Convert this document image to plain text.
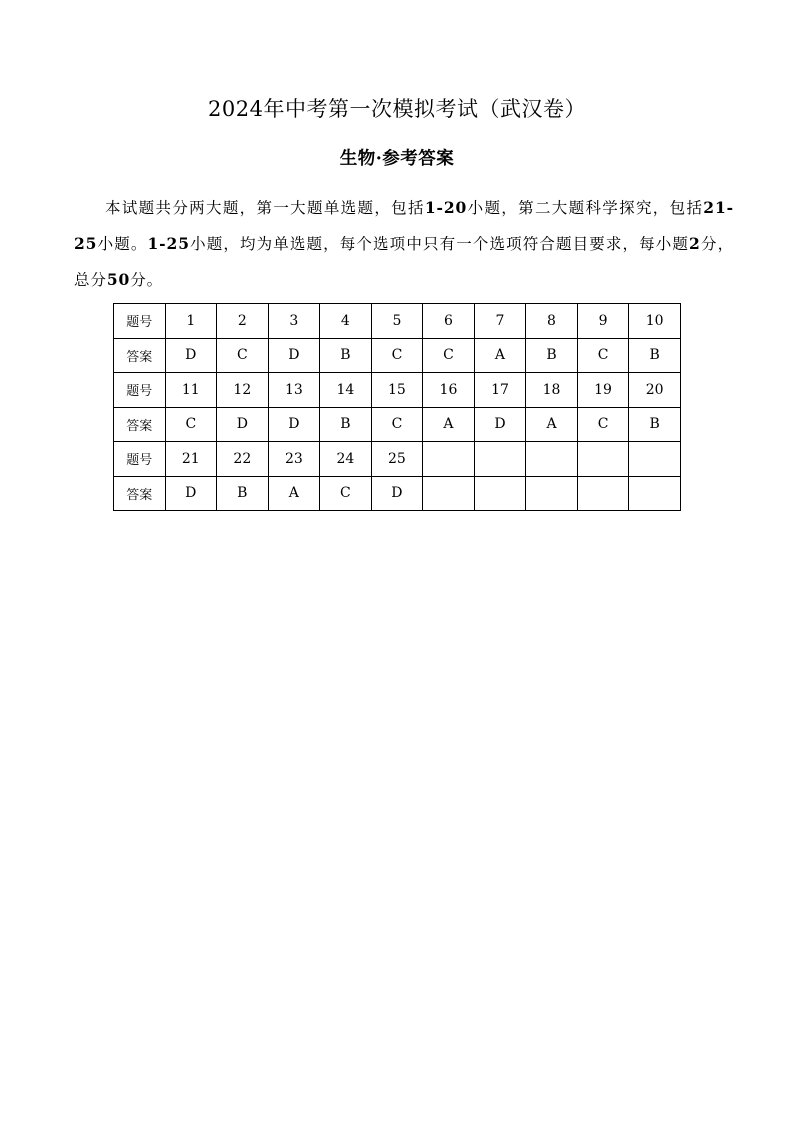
2024年中考第一次模拟考试（武汉卷）
生物·参考答案

本试题共分两大题，第一大题单选题，包括1-20小题，第二大题科学探究，包括21-25小题。1-25小题，均为单选题，每个选项中只有一个选项符合题目要求，每小题2分，总分50分。

题号	1	2	3	4	5	6	7	8	9	10
答案	D	C	D	B	C	C	A	B	C	B
题号	11	12	13	14	15	16	17	18	19	20
答案	C	D	D	B	C	A	D	A	C	B
题号	21	22	23	24	25					
答案	D	B	A	C	D					
